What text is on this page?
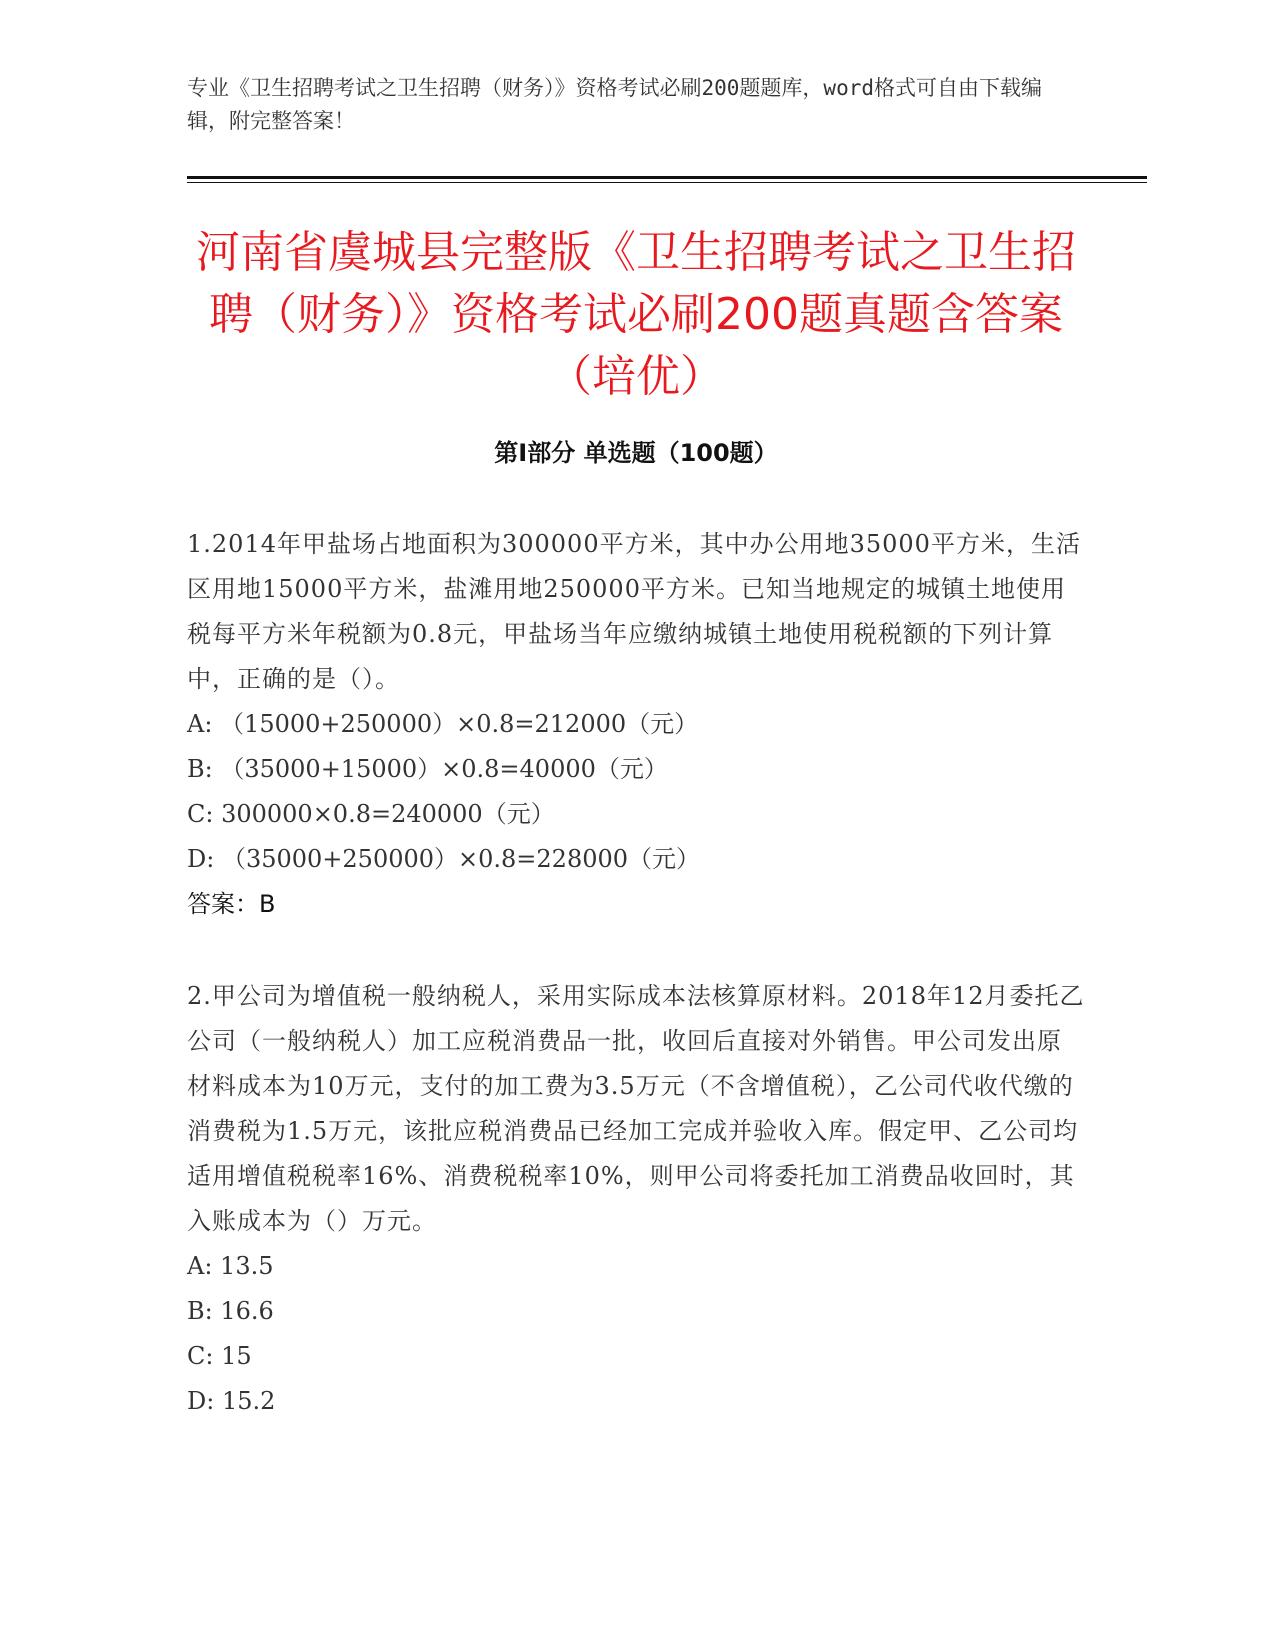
专业《卫生招聘考试之卫生招聘（财务）》资格考试必刷200题题库，word格式可自由下载编辑，附完整答案！
河南省虞城县完整版《卫生招聘考试之卫生招聘（财务）》资格考试必刷200题真题含答案（培优）
第Ⅰ部分 单选题（100题）
1.2014年甲盐场占地面积为300000平方米，其中办公用地35000平方米，生活区用地15000平方米，盐滩用地250000平方米。已知当地规定的城镇土地使用税每平方米年税额为0.8元，甲盐场当年应缴纳城镇土地使用税税额的下列计算中，正确的是（）。
A: （15000+250000）×0.8=212000（元）
B: （35000+15000）×0.8=40000（元）
C: 300000×0.8=240000（元）
D: （35000+250000）×0.8=228000（元）
答案：B
2.甲公司为增值税一般纳税人，采用实际成本法核算原材料。2018年12月委托乙公司（一般纳税人）加工应税消费品一批，收回后直接对外销售。甲公司发出原材料成本为10万元，支付的加工费为3.5万元（不含增值税），乙公司代收代缴的消费税为1.5万元，该批应税消费品已经加工完成并验收入库。假定甲、乙公司均适用增值税税率16%、消费税税率10%，则甲公司将委托加工消费品收回时，其入账成本为（）万元。
A: 13.5
B: 16.6
C: 15
D: 15.2
